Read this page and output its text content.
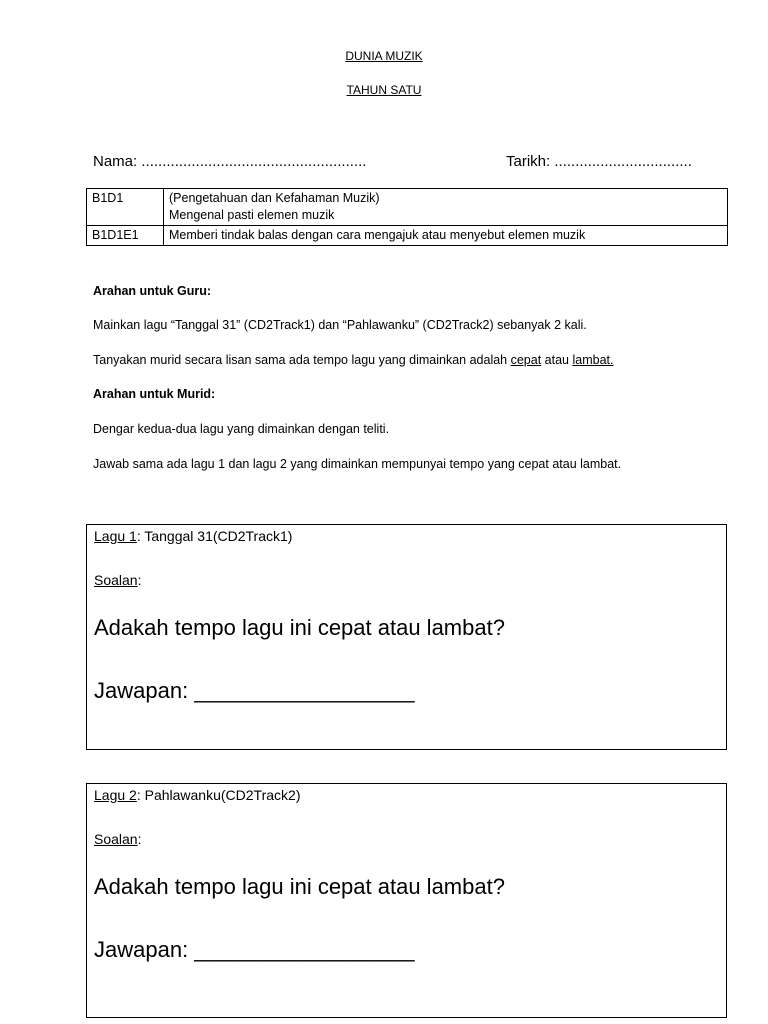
DUNIA MUZIK
TAHUN SATU
Nama: ......................................................	Tarikh: .................................
B1D1	(Pengetahuan dan Kefahaman Muzik)
Mengenal pasti elemen muzik

B1D1E1	Memberi tindak balas dengan cara mengajuk atau menyebut elemen muzik
Arahan untuk Guru:
Mainkan lagu “Tanggal 31” (CD2Track1) dan “Pahlawanku” (CD2Track2) sebanyak 2 kali.
Tanyakan murid secara lisan sama ada tempo lagu yang dimainkan adalah cepat atau lambat.
Arahan untuk Murid:
Dengar kedua-dua lagu yang dimainkan dengan teliti.
Jawab sama ada lagu 1 dan lagu 2 yang dimainkan mempunyai tempo yang cepat atau lambat.
Lagu 1: Tanggal 31(CD2Track1)
Soalan:
Adakah tempo lagu ini cepat atau lambat?
Jawapan: __________________
Lagu 2: Pahlawanku(CD2Track2)
Soalan:
Adakah tempo lagu ini cepat atau lambat?
Jawapan: __________________
